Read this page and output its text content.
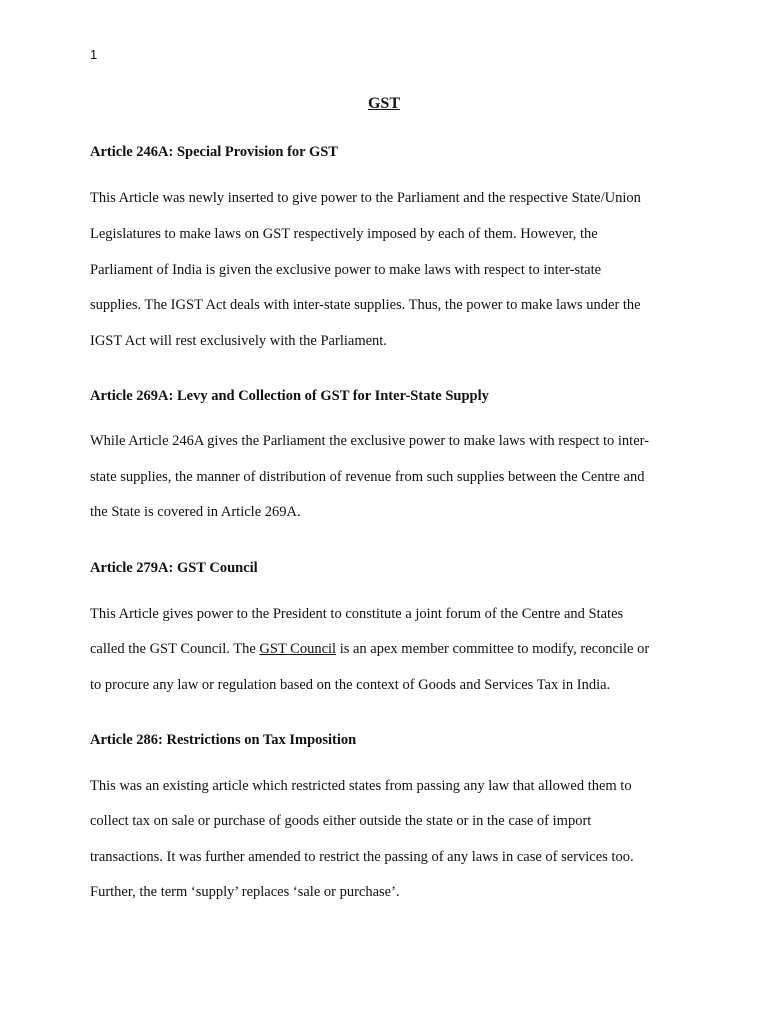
1
GST
Article 246A: Special Provision for GST
This Article was newly inserted to give power to the Parliament and the respective State/Union
Legislatures to make laws on GST respectively imposed by each of them. However, the
Parliament of India is given the exclusive power to make laws with respect to inter-state
supplies. The IGST Act deals with inter-state supplies. Thus, the power to make laws under the
IGST Act will rest exclusively with the Parliament.
Article 269A: Levy and Collection of GST for Inter-State Supply
While Article 246A gives the Parliament the exclusive power to make laws with respect to inter-
state supplies, the manner of distribution of revenue from such supplies between the Centre and
the State is covered in Article 269A.
Article 279A: GST Council
This Article gives power to the President to constitute a joint forum of the Centre and States
called the GST Council. The GST Council is an apex member committee to modify, reconcile or
to procure any law or regulation based on the context of Goods and Services Tax in India.
Article 286: Restrictions on Tax Imposition
This was an existing article which restricted states from passing any law that allowed them to
collect tax on sale or purchase of goods either outside the state or in the case of import
transactions. It was further amended to restrict the passing of any laws in case of services too.
Further, the term ‘supply’ replaces ‘sale or purchase’.
